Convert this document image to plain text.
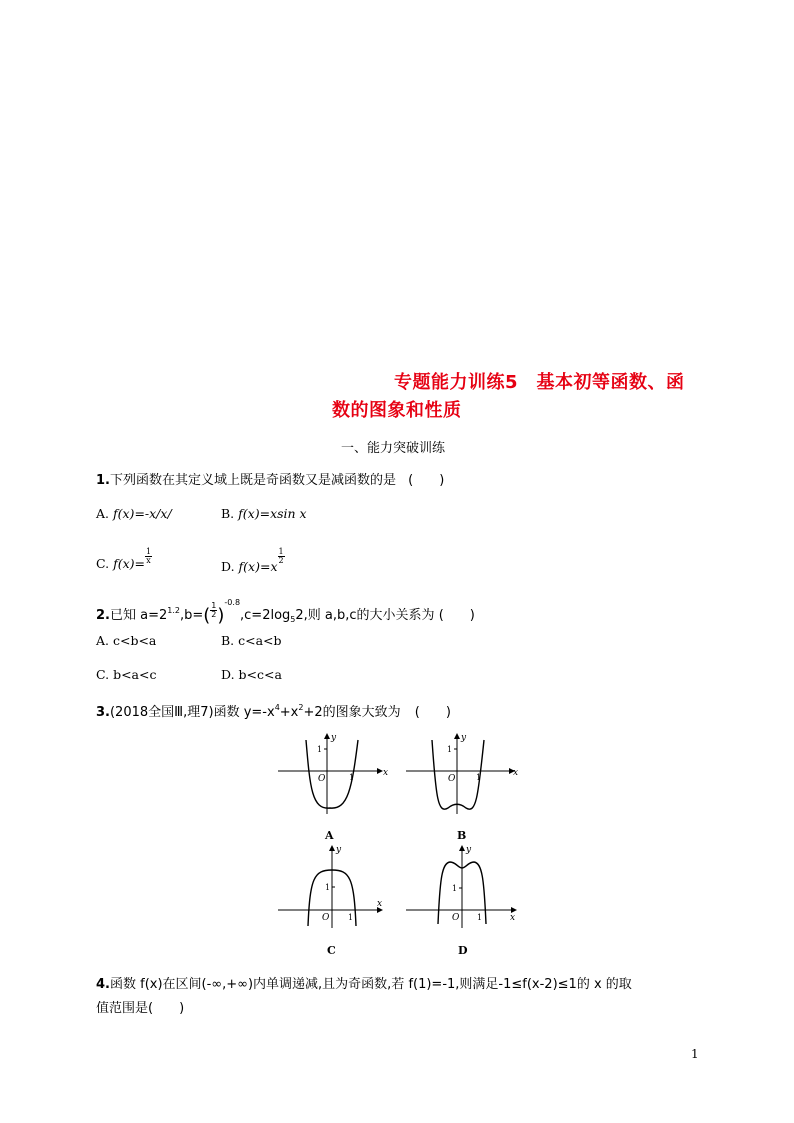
专题能力训练5　基本初等函数、函
数的图象和性质
一、能力突破训练
1.下列函数在其定义域上既是奇函数又是减函数的是 (　　)
A. f(x)=-x/x/	B. f(x)=xsin x
C. $f(x)= \frac{1}{x}$
D. f(x)=x
$\frac{1}{2}$
2.已知 $a=2^{1.2},b=( \frac{1}{2} )^{-0.8},c=2\log_52$,则 a,b,c的大小关系为 (　　)
A. c<b<a	B. c<a<b
C. b<a<c	D. b<c<a
3.(2018全国Ⅲ,理7)函数 $y=-x^4+x^2+2$的图象大致为 (　　)
1
O	1	x
y
A
1
O	1	x
y
B
1
O 1
x
y
C
1
O 1	x
y
D
4.函数 f(x)在区间(-∞,+∞)内单调递减,且为奇函数,若 f(1)=-1,则满足-1≤f(x-2)≤1的 x 的取
值范围是(　　)
1
